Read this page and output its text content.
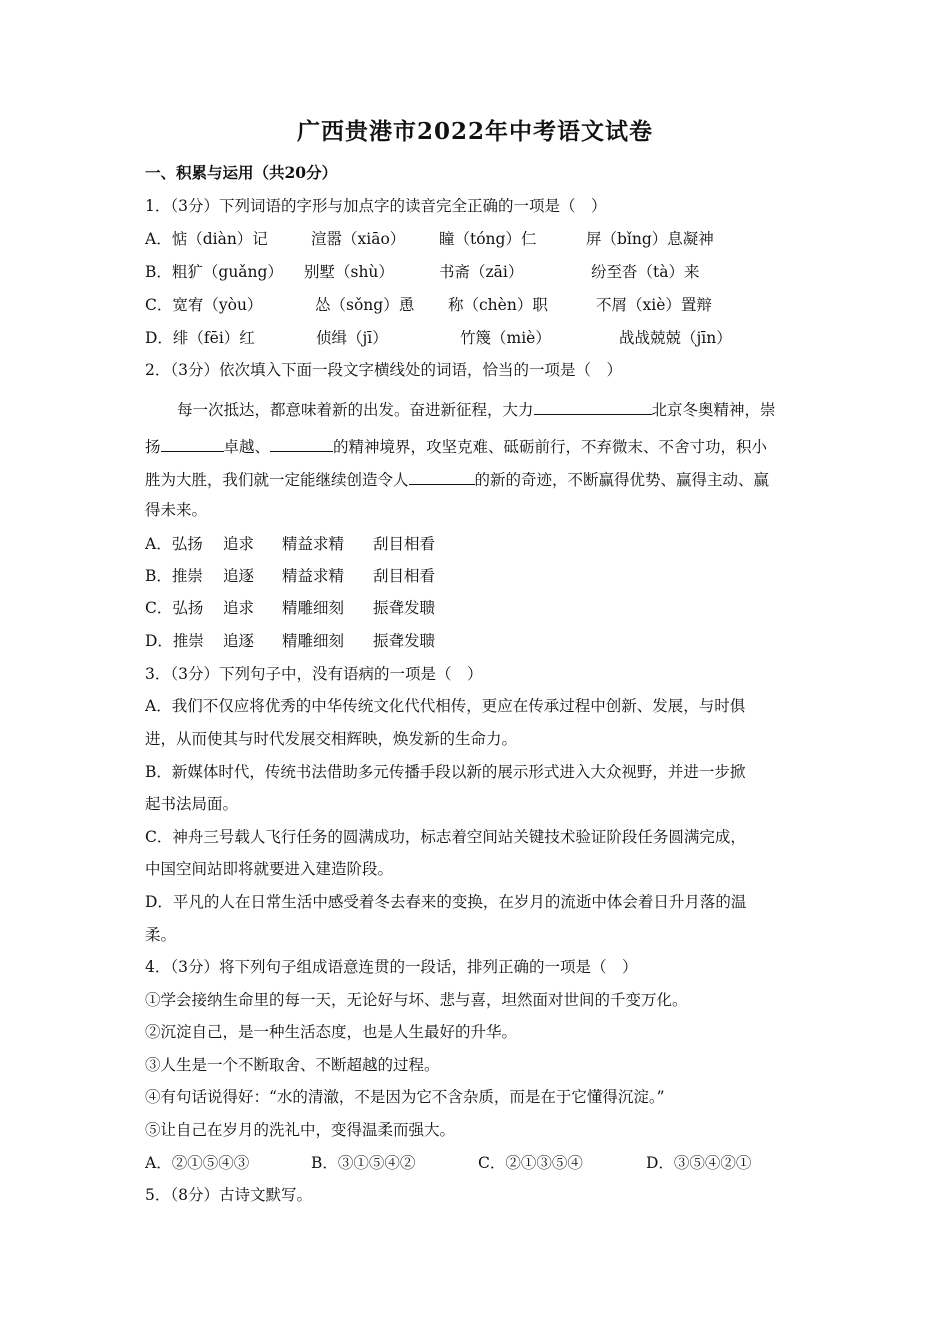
广西贵港市2022年中考语文试卷
一、积累与运用（共20分）
1．（3分）下列词语的字形与加点字的读音完全正确的一项是（　）
A．惦（diàn）记	渲嚣（xiāo） 瞳（tóng）仁	屏（bǐng）息凝神
B．粗犷（guǎng） 别墅（shù）	书斋（zāi）	纷至沓（tà）来
C．宽宥（yòu）	怂（sǒng）恿 称（chèn）职	不屑（xiè）置辩
D．绯（fēi）红	侦缉（jī）	竹篾（miè）	战战兢兢（jīn）
2．（3分）依次填入下面一段文字横线处的词语，恰当的一项是（　）
每一次抵达，都意味着新的出发。奋进新征程，大力	北京冬奥精神，崇
扬	卓越、	的精神境界，攻坚克难、砥砺前行，不弃微末、不舍寸功，积小
胜为大胜，我们就一定能继续创造令人	的新的奇迹，不断赢得优势、赢得主动、赢
得未来。
A．弘扬 追求 精益求精 刮目相看
B．推崇 追逐 精益求精 刮目相看
C．弘扬 追求 精雕细刻 振聋发聩
D．推崇 追逐 精雕细刻 振聋发聩
3．（3分）下列句子中，没有语病的一项是（　）
A．我们不仅应将优秀的中华传统文化代代相传，更应在传承过程中创新、发展，与时俱
进，从而使其与时代发展交相辉映，焕发新的生命力。
B．新媒体时代，传统书法借助多元传播手段以新的展示形式进入大众视野，并进一步掀
起书法局面。
C．神舟三号载人飞行任务的圆满成功，标志着空间站关键技术验证阶段任务圆满完成，
中国空间站即将就要进入建造阶段。
D．平凡的人在日常生活中感受着冬去春来的变换，在岁月的流逝中体会着日升月落的温
柔。
4．（3分）将下列句子组成语意连贯的一段话，排列正确的一项是（　）
①学会接纳生命里的每一天，无论好与坏、悲与喜，坦然面对世间的千变万化。
②沉淀自己，是一种生活态度，也是人生最好的升华。
③人生是一个不断取舍、不断超越的过程。
④有句话说得好：“水的清澈，不是因为它不含杂质，而是在于它懂得沉淀。”
⑤让自己在岁月的洗礼中，变得温柔而强大。
A．②①⑤④③	B．③①⑤④②	C．②①③⑤④	D．③⑤④②①
5．（8分）古诗文默写。
